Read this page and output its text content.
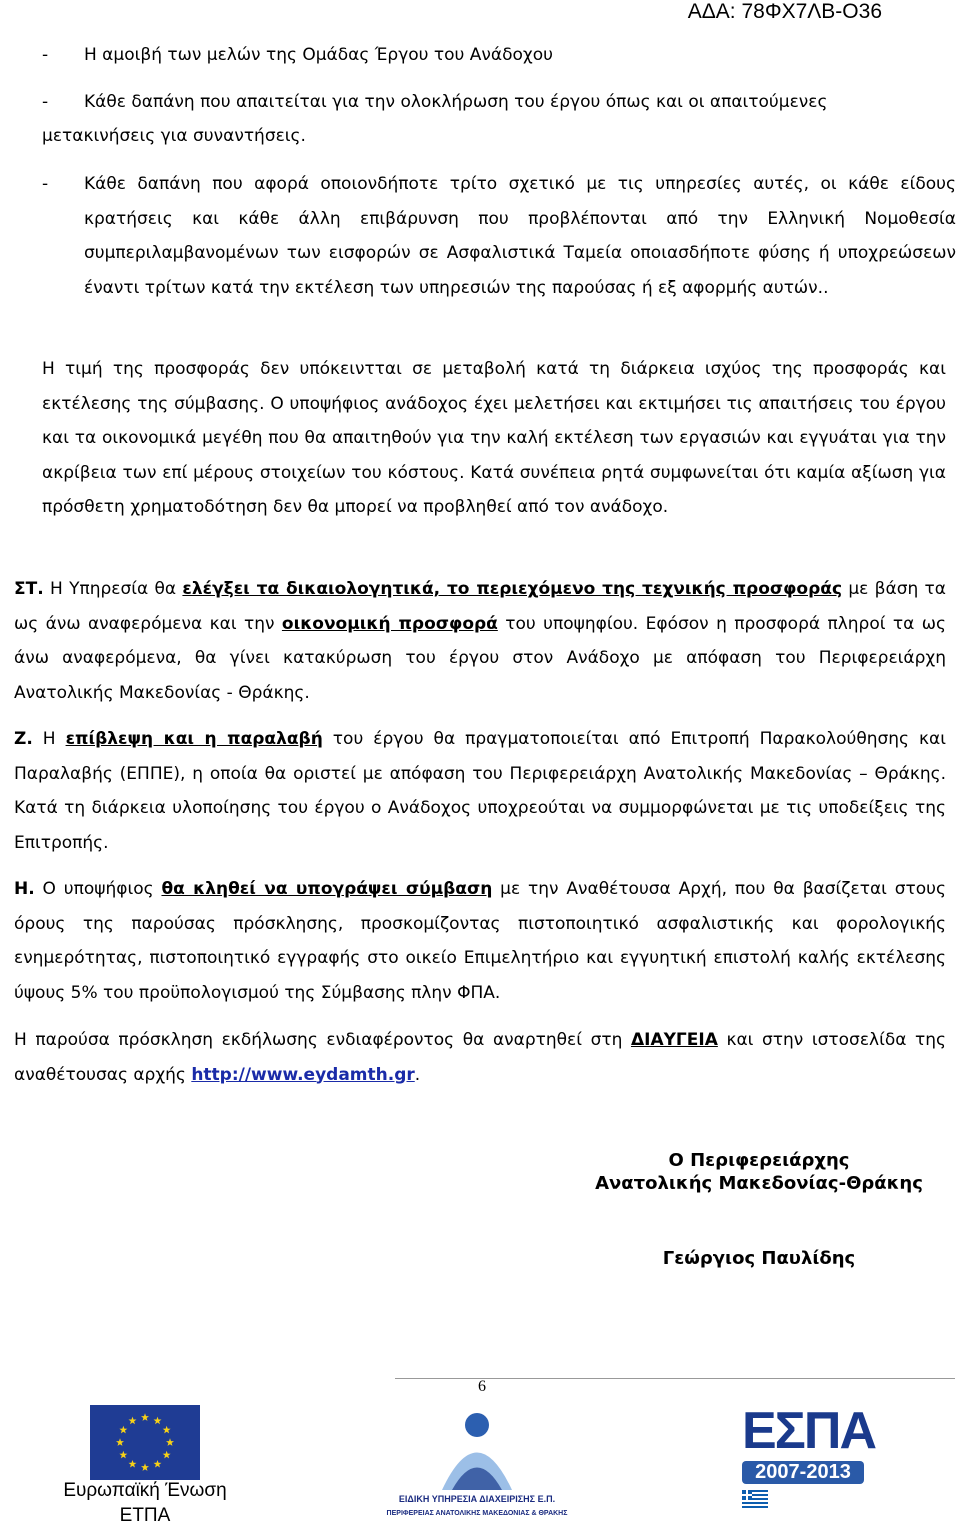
ΑΔΑ: 78ΦΧ7ΛΒ-Ο36
-	Η αμοιβή των μελών της Ομάδας Έργου του Ανάδοχου
-	Κάθε δαπάνη που απαιτείται για την ολοκλήρωση του έργου όπως και οι απαιτούμενες
μετακινήσεις για συναντήσεις.
-	Κάθε δαπάνη που αφορά οποιονδήποτε τρίτο σχετικό με τις υπηρεσίες αυτές, οι κάθε είδους κρατήσεις και κάθε άλλη επιβάρυνση που προβλέπονται από την Ελληνική Νομοθεσία συμπεριλαμβανομένων των εισφορών σε Ασφαλιστικά Ταμεία οποιασδήποτε φύσης ή υποχρεώσεων έναντι τρίτων κατά την εκτέλεση των υπηρεσιών της παρούσας ή εξ αφορμής αυτών..
Η τιμή της προσφοράς δεν υπόκειντται σε μεταβολή κατά τη διάρκεια ισχύος της προσφοράς και εκτέλεσης της σύμβασης. Ο υποψήφιος ανάδοχος έχει μελετήσει και εκτιμήσει τις απαιτήσεις του έργου και τα οικονομικά μεγέθη που θα απαιτηθούν για την καλή εκτέλεση των εργασιών και εγγυάται για την ακρίβεια των επί μέρους στοιχείων του κόστους. Κατά συνέπεια ρητά συμφωνείται ότι καμία αξίωση για πρόσθετη χρηματοδότηση δεν θα μπορεί να προβληθεί από τον ανάδοχο.
ΣΤ. Η Υπηρεσία θα ελέγξει τα δικαιολογητικά, το περιεχόμενο της τεχνικής προσφοράς με βάση τα ως άνω αναφερόμενα και την οικονομική προσφορά του υποψηφίου. Εφόσον η προσφορά πληροί τα ως άνω αναφερόμενα, θα γίνει κατακύρωση του έργου στον Ανάδοχο με απόφαση του Περιφερειάρχη Ανατολικής Μακεδονίας - Θράκης.
Ζ. Η επίβλεψη και η παραλαβή του έργου θα πραγματοποιείται από Επιτροπή Παρακολούθησης και Παραλαβής (ΕΠΠΕ), η οποία θα οριστεί με απόφαση του Περιφερειάρχη Ανατολικής Μακεδονίας – Θράκης. Κατά τη διάρκεια υλοποίησης του έργου ο Ανάδοχος υποχρεούται να συμμορφώνεται με τις υποδείξεις της Επιτροπής.
Η. Ο υποψήφιος θα κληθεί να υπογράψει σύμβαση με την Αναθέτουσα Αρχή, που θα βασίζεται στους όρους της παρούσας πρόσκλησης, προσκομίζοντας πιστοποιητικό ασφαλιστικής και φορολογικής ενημερότητας, πιστοποιητικό εγγραφής στο οικείο Επιμελητήριο και εγγυητική επιστολή καλής εκτέλεσης ύψους 5% του προϋπολογισμού της Σύμβασης πλην ΦΠΑ.
Η παρούσα πρόσκληση εκδήλωσης ενδιαφέροντος θα αναρτηθεί στη ΔΙΑΥΓΕΙΑ και στην ιστοσελίδα της αναθέτουσας αρχής http://www.eydamth.gr.
Ο Περιφερειάρχης
Ανατολικής Μακεδονίας-Θράκης
Γεώργιος Παυλίδης
6
Ευρωπαϊκή Ένωση
ΕΤΠΑ
ΕΙΔΙΚΗ ΥΠΗΡΕΣΙΑ ΔΙΑΧΕΙΡΙΣΗΣ Ε.Π.
ΠΕΡΙΦΕΡΕΙΑΣ ΑΝΑΤΟΛΙΚΗΣ ΜΑΚΕΔΟΝΙΑΣ & ΘΡΑΚΗΣ
ΕΣΠΑ
2007-2013
